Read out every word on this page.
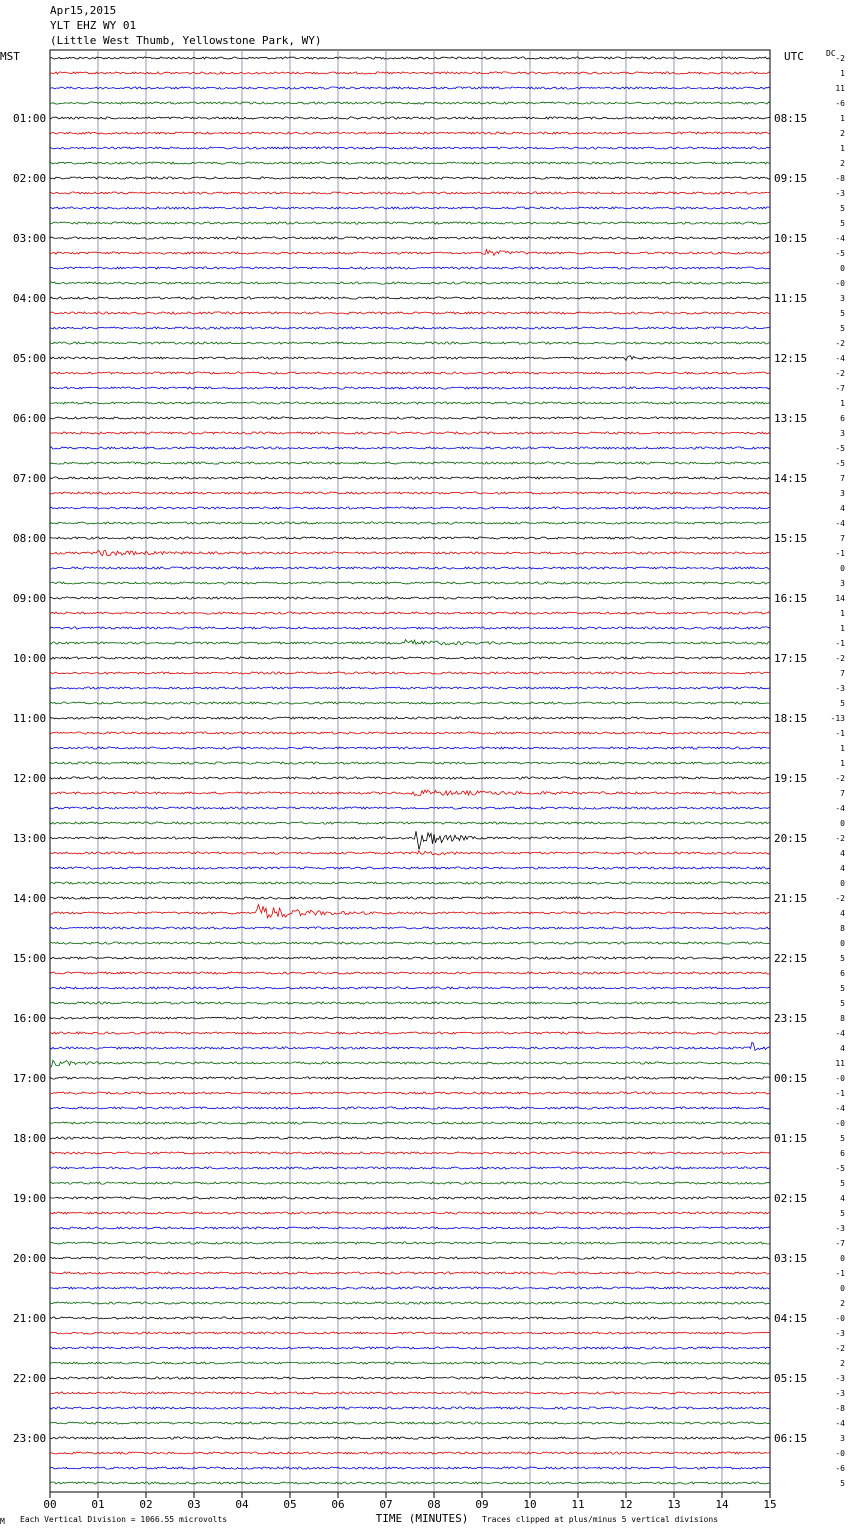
Apr15,2015
YLT EHZ WY 01
(Little West Thumb, Yellowstone Park, WY)
MST	UTC	DC
01:00
02:00
03:00
04:00
05:00
06:00
07:00
08:00
09:00
10:00
11:00
12:00
13:00
14:00
15:00
16:00
17:00
18:00
19:00
20:00
21:00
22:00
23:00
08:15
09:15
10:15
11:15
12:15
13:15
14:15
15:15
16:15
17:15
18:15
19:15
20:15
21:15
22:15
23:15
00:15
01:15
02:15
03:15
04:15
05:15
06:15
-2
1
11
-6
1
2
1
2
-8
-3
5
5
-4
-5
0
-0
3
5
5
-2
-4
-2
-7
1
6
3
-5
-5
7
3
4
-4
7
-1
0
3
14
1
1
-1
-2
7
-3
5
-13
-1
1
1
-2
7
-4
0
-2
4
4
0
-2
4
8
0
5
6
5
5
8
-4
4
11
-0
-1
-4
-0
5
6
-5
5
4
5
-3
-7
0
-1
0
2
-0
-3
-2
2
-3
-3
-8
-4
3
-0
-6
5
00	01	02	03	04	05	06	07	08	09	10	11	12	13	14	15
TIME (MINUTES)
M Each Vertical Division = 1066.55 microvolts	Traces clipped at plus/minus 5 vertical divisions
